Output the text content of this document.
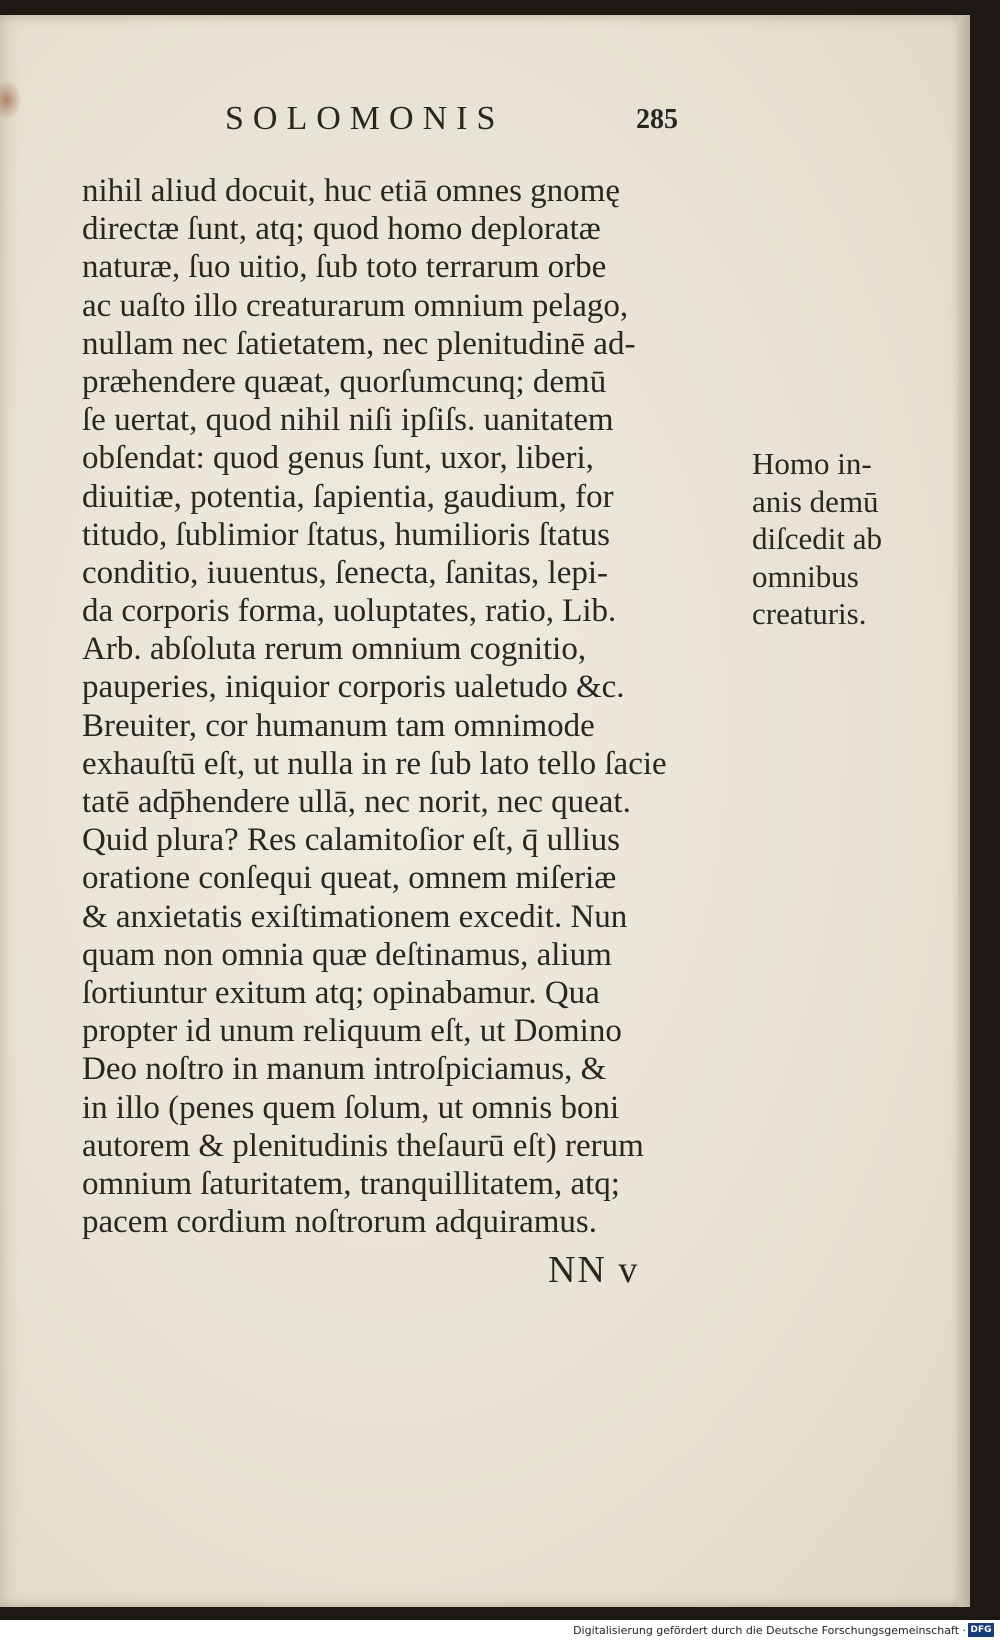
SOLOMONIS	285
nihil aliud docuit, huc etiā omnes gnomę
directæ ſunt, atq; quod homo deploratæ
naturæ, ſuo uitio, ſub toto terrarum orbe
ac uaſto illo creaturarum omnium pelago,
nullam nec ſatietatem, nec plenitudinē ad-
præhendere quæat, quorſumcunq; demū
ſe uertat, quod nihil niſi ipſiſs. uanitatem
obſendat: quod genus ſunt, uxor, liberi,
diuitiæ, potentia, ſapientia, gaudium, for
titudo, ſublimior ſtatus, humilioris ſtatus
conditio, iuuentus, ſenecta, ſanitas, lepi-
da corporis forma, uoluptates, ratio, Lib.
Arb. abſoluta rerum omnium cognitio,
pauperies, iniquior corporis ualetudo &c.
Breuiter, cor humanum tam omnimode
exhauſtū eſt, ut nulla in re ſub lato tello ſacie
tatē adp̄hendere ullā, nec norit, nec queat.
Quid plura? Res calamitoſior eſt, q̄ ullius
oratione conſequi queat, omnem miſeriæ
& anxietatis exiſtimationem excedit. Nun
quam non omnia quæ deſtinamus, alium
ſortiuntur exitum atq; opinabamur. Qua
propter id unum reliquum eſt, ut Domino
Deo noſtro in manum introſpiciamus, &
in illo (penes quem ſolum, ut omnis boni
autorem & plenitudinis theſaurū eſt) rerum
omnium ſaturitatem, tranquillitatem, atq;
pacem cordium noſtrorum adquiramus.
Homo in-
anis demū
diſcedit ab
omnibus
creaturis.
NN v
Digitalisierung gefördert durch die Deutsche Forschungsgemeinschaft · DFG
